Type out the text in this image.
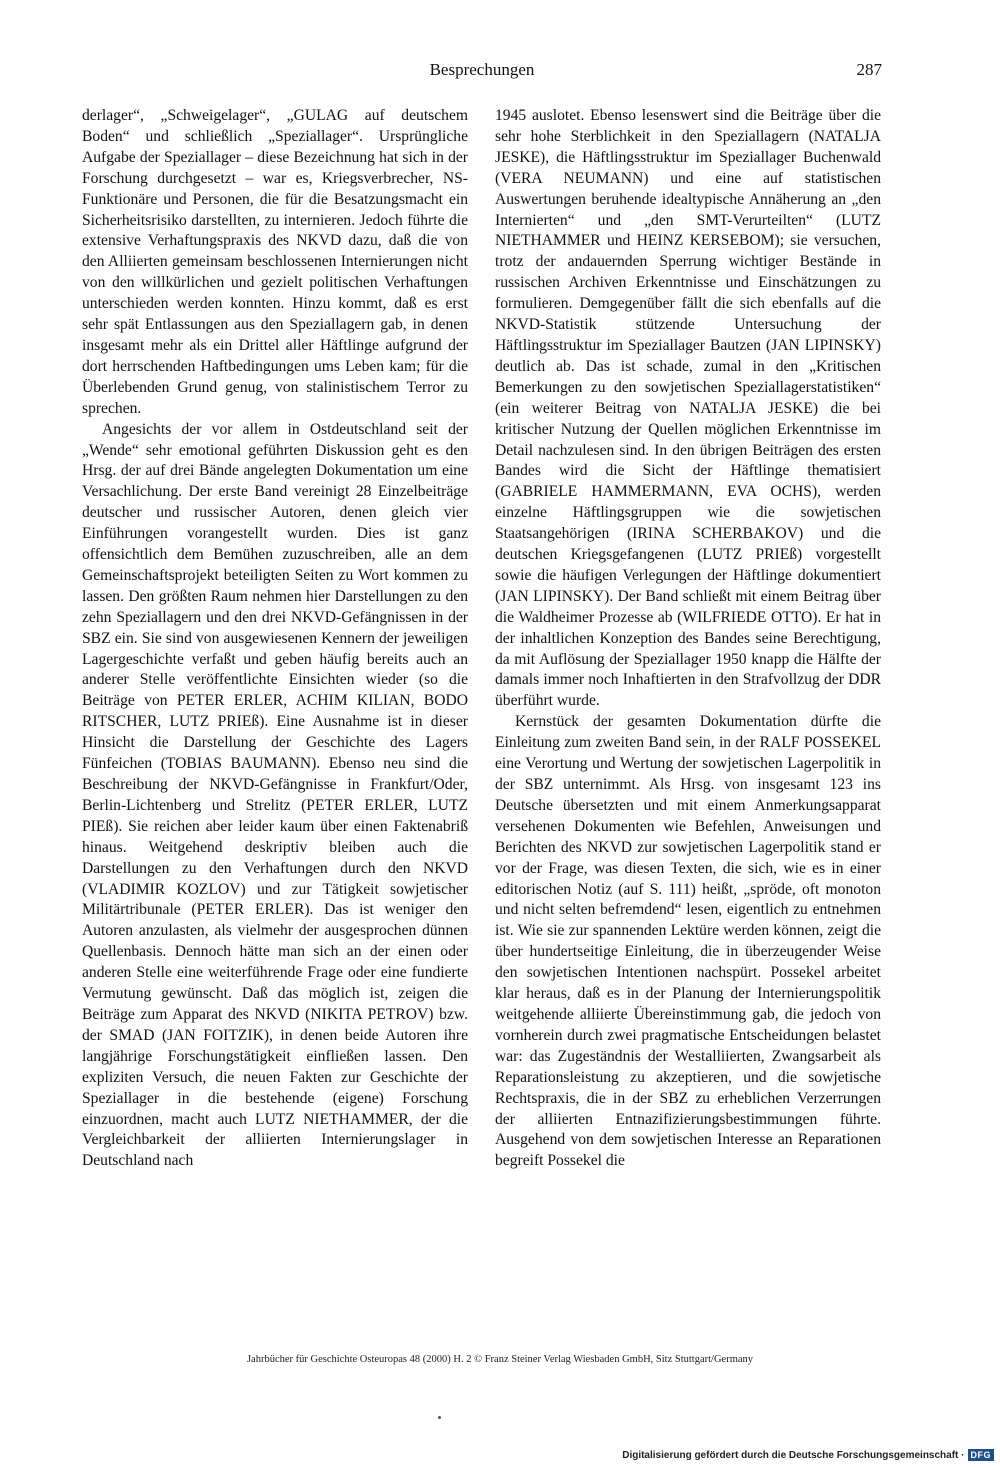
Besprechungen	287

derlager“, „Schweigelager“, „GULAG auf deutschem Boden“ und schließlich „Speziallager“. Ursprüngliche Aufgabe der Speziallager – diese Bezeichnung hat sich in der Forschung durchgesetzt – war es, Kriegsverbrecher, NS-Funktionäre und Personen, die für die Besatzungsmacht ein Sicherheitsrisiko darstellten, zu internieren. Jedoch führte die extensive Verhaftungspraxis des NKVD dazu, daß die von den Alliierten gemeinsam beschlossenen Internierungen nicht von den willkürlichen und gezielt politischen Verhaftungen unterschieden werden konnten. Hinzu kommt, daß es erst sehr spät Entlassungen aus den Speziallagern gab, in denen insgesamt mehr als ein Drittel aller Häftlinge aufgrund der dort herrschenden Haftbedingungen ums Leben kam; für die Überlebenden Grund genug, von stalinistischem Terror zu sprechen.

Angesichts der vor allem in Ostdeutschland seit der „Wende“ sehr emotional geführten Diskussion geht es den Hrsg. der auf drei Bände angelegten Dokumentation um eine Versachlichung. Der erste Band vereinigt 28 Einzelbeiträge deutscher und russischer Autoren, denen gleich vier Einführungen vorangestellt wurden. Dies ist ganz offensichtlich dem Bemühen zuzuschreiben, alle an dem Gemeinschaftsprojekt beteiligten Seiten zu Wort kommen zu lassen. Den größten Raum nehmen hier Darstellungen zu den zehn Speziallagern und den drei NKVD-Gefängnissen in der SBZ ein. Sie sind von ausgewiesenen Kennern der jeweiligen Lagergeschichte verfaßt und geben häufig bereits auch an anderer Stelle veröffentlichte Einsichten wieder (so die Beiträge von PETER ERLER, ACHIM KILIAN, BODO RITSCHER, LUTZ PRIEß). Eine Ausnahme ist in dieser Hinsicht die Darstellung der Geschichte des Lagers Fünfeichen (TOBIAS BAUMANN). Ebenso neu sind die Beschreibung der NKVD-Gefängnisse in Frankfurt/Oder, Berlin-Lichtenberg und Strelitz (PETER ERLER, LUTZ PIEß). Sie reichen aber leider kaum über einen Faktenabriß hinaus. Weitgehend deskriptiv bleiben auch die Darstellungen zu den Verhaftungen durch den NKVD (VLADIMIR KOZLOV) und zur Tätigkeit sowjetischer Militärtribunale (PETER ERLER). Das ist weniger den Autoren anzulasten, als vielmehr der ausgesprochen dünnen Quellenbasis. Dennoch hätte man sich an der einen oder anderen Stelle eine weiterführende Frage oder eine fundierte Vermutung gewünscht. Daß das möglich ist, zeigen die Beiträge zum Apparat des NKVD (NIKITA PETROV) bzw. der SMAD (JAN FOITZIK), in denen beide Autoren ihre langjährige Forschungstätigkeit einfließen lassen. Den expliziten Versuch, die neuen Fakten zur Geschichte der Speziallager in die bestehende (eigene) Forschung einzuordnen, macht auch LUTZ NIETHAMMER, der die Vergleichbarkeit der alliierten Internierungslager in Deutschland nach

1945 auslotet. Ebenso lesenswert sind die Beiträge über die sehr hohe Sterblichkeit in den Speziallagern (NATALJA JESKE), die Häftlingsstruktur im Speziallager Buchenwald (VERA NEUMANN) und eine auf statistischen Auswertungen beruhende idealtypische Annäherung an „den Internierten“ und „den SMT-Verurteilten“ (LUTZ NIETHAMMER und HEINZ KERSEBOM); sie versuchen, trotz der andauernden Sperrung wichtiger Bestände in russischen Archiven Erkenntnisse und Einschätzungen zu formulieren. Demgegenüber fällt die sich ebenfalls auf die NKVD-Statistik stützende Untersuchung der Häftlingsstruktur im Speziallager Bautzen (JAN LIPINSKY) deutlich ab. Das ist schade, zumal in den „Kritischen Bemerkungen zu den sowjetischen Speziallagerstatistiken“ (ein weiterer Beitrag von NATALJA JESKE) die bei kritischer Nutzung der Quellen möglichen Erkenntnisse im Detail nachzulesen sind. In den übrigen Beiträgen des ersten Bandes wird die Sicht der Häftlinge thematisiert (GABRIELE HAMMERMANN, EVA OCHS), werden einzelne Häftlingsgruppen wie die sowjetischen Staatsangehörigen (IRINA SCHERBAKOV) und die deutschen Kriegsgefangenen (LUTZ PRIEß) vorgestellt sowie die häufigen Verlegungen der Häftlinge dokumentiert (JAN LIPINSKY). Der Band schließt mit einem Beitrag über die Waldheimer Prozesse ab (WILFRIEDE OTTO). Er hat in der inhaltlichen Konzeption des Bandes seine Berechtigung, da mit Auflösung der Speziallager 1950 knapp die Hälfte der damals immer noch Inhaftierten in den Strafvollzug der DDR überführt wurde.

Kernstück der gesamten Dokumentation dürfte die Einleitung zum zweiten Band sein, in der RALF POSSEKEL eine Verortung und Wertung der sowjetischen Lagerpolitik in der SBZ unternimmt. Als Hrsg. von insgesamt 123 ins Deutsche übersetzten und mit einem Anmerkungsapparat versehenen Dokumenten wie Befehlen, Anweisungen und Berichten des NKVD zur sowjetischen Lagerpolitik stand er vor der Frage, was diesen Texten, die sich, wie es in einer editorischen Notiz (auf S. 111) heißt, „spröde, oft monoton und nicht selten befremdend“ lesen, eigentlich zu entnehmen ist. Wie sie zur spannenden Lektüre werden können, zeigt die über hundertseitige Einleitung, die in überzeugender Weise den sowjetischen Intentionen nachspürt. Possekel arbeitet klar heraus, daß es in der Planung der Internierungspolitik weitgehende alliierte Übereinstimmung gab, die jedoch von vornherein durch zwei pragmatische Entscheidungen belastet war: das Zugeständnis der Westalliierten, Zwangsarbeit als Reparationsleistung zu akzeptieren, und die sowjetische Rechtspraxis, die in der SBZ zu erheblichen Verzerrungen der alliierten Entnazifizierungsbestimmungen führte. Ausgehend von dem sowjetischen Interesse an Reparationen begreift Possekel die

Jahrbücher für Geschichte Osteuropas 48 (2000) H. 2 © Franz Steiner Verlag Wiesbaden GmbH, Sitz Stuttgart/Germany
Digitalisierung gefördert durch die Deutsche Forschungsgemeinschaft · DFG
